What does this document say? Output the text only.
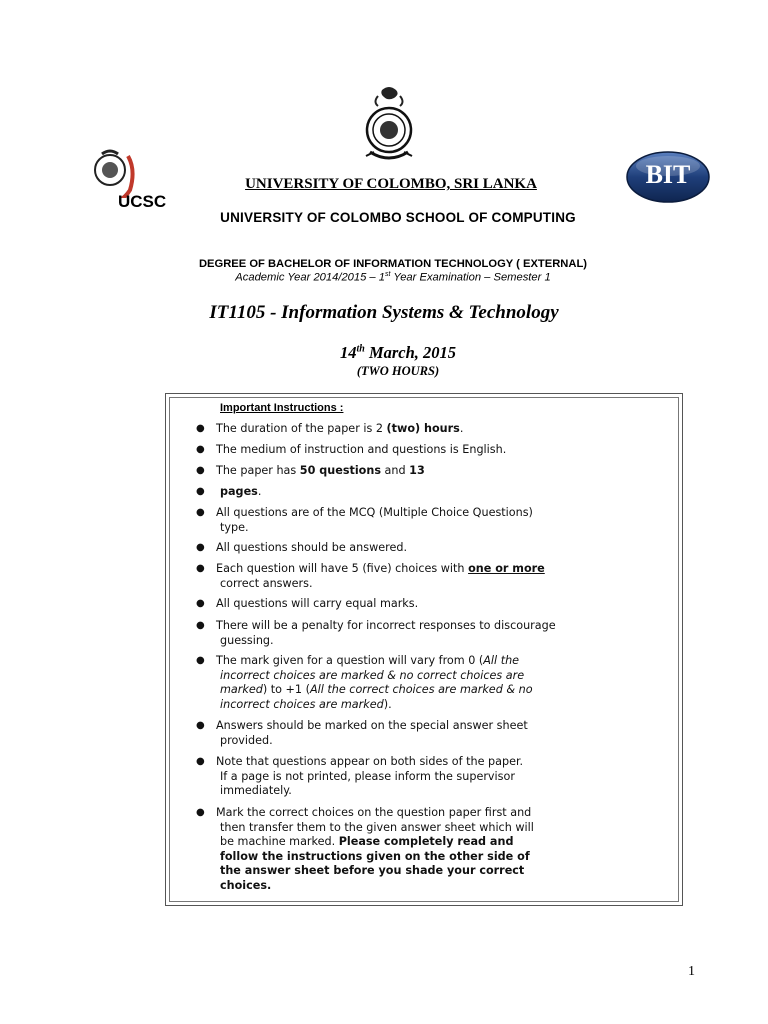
UCSC
BIT
UNIVERSITY OF COLOMBO, SRI LANKA
UNIVERSITY OF COLOMBO SCHOOL OF COMPUTING
DEGREE OF BACHELOR OF INFORMATION TECHNOLOGY ( EXTERNAL)
Academic Year 2014/2015 – 1st Year Examination – Semester 1
IT1105 - Information Systems & Technology
14th March, 2015
(TWO HOURS)
Important Instructions :
● The duration of the paper is 2 (two) hours.
● The medium of instruction and questions is English.
● The paper has 50 questions and 13
● pages.
● All questions are of the MCQ (Multiple Choice Questions)
type.
● All questions should be answered.
● Each question will have 5 (five) choices with one or more
correct answers.
● All questions will carry equal marks.
● There will be a penalty for incorrect responses to discourage
guessing.
● The mark given for a question will vary from 0 (All the
incorrect choices are marked & no correct choices are
marked) to +1 (All the correct choices are marked & no
incorrect choices are marked).
● Answers should be marked on the special answer sheet
provided.
● Note that questions appear on both sides of the paper.
If a page is not printed, please inform the supervisor
immediately.
● Mark the correct choices on the question paper first and
then transfer them to the given answer sheet which will
be machine marked. Please completely read and
follow the instructions given on the other side of
the answer sheet before you shade your correct
choices.
1
